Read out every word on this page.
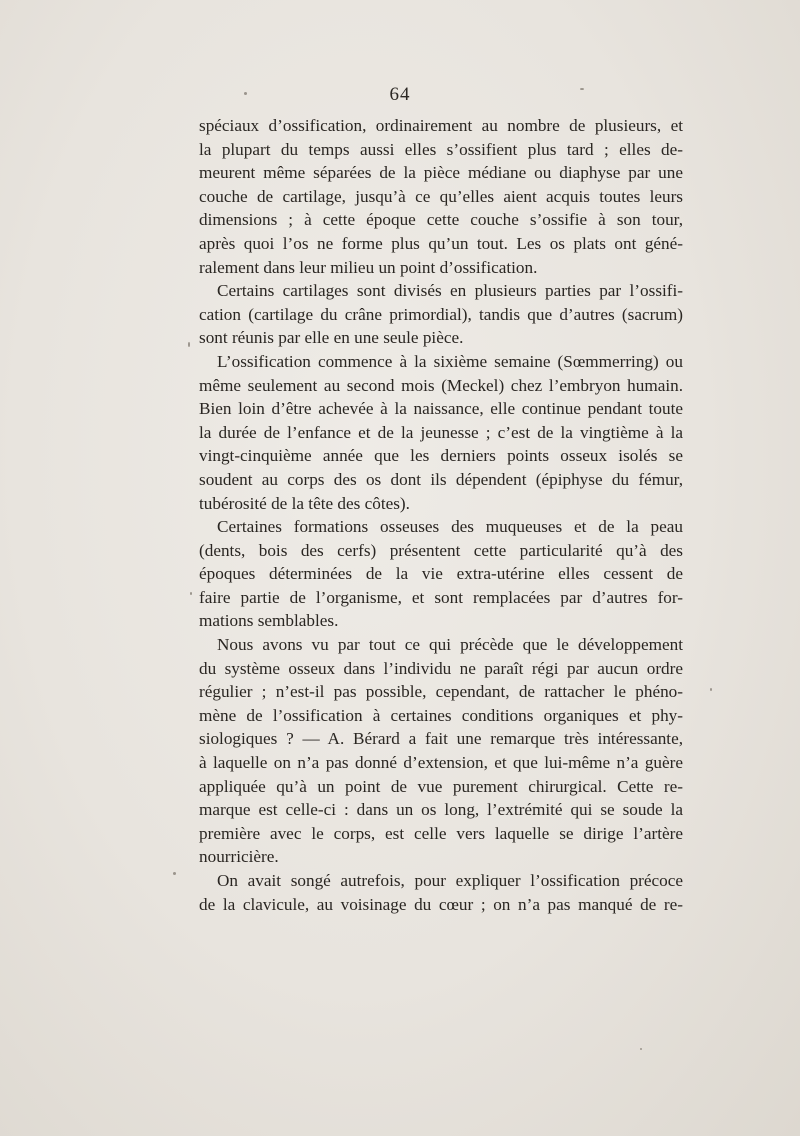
64
spéciaux d’ossification, ordinairement au nombre de plusieurs, et
la plupart du temps aussi elles s’ossifient plus tard ; elles de-
meurent même séparées de la pièce médiane ou diaphyse par une
couche de cartilage, jusqu’à ce qu’elles aient acquis toutes leurs
dimensions ; à cette époque cette couche s’ossifie à son tour,
après quoi l’os ne forme plus qu’un tout. Les os plats ont géné-
ralement dans leur milieu un point d’ossification.
Certains cartilages sont divisés en plusieurs parties par l’ossifi-
cation (cartilage du crâne primordial), tandis que d’autres (sacrum)
sont réunis par elle en une seule pièce.
L’ossification commence à la sixième semaine (Sœmmerring) ou
même seulement au second mois (Meckel) chez l’embryon humain.
Bien loin d’être achevée à la naissance, elle continue pendant toute
la durée de l’enfance et de la jeunesse ; c’est de la vingtième à la
vingt-cinquième année que les derniers points osseux isolés se
soudent au corps des os dont ils dépendent (épiphyse du fémur,
tubérosité de la tête des côtes).
Certaines formations osseuses des muqueuses et de la peau
(dents, bois des cerfs) présentent cette particularité qu’à des
époques déterminées de la vie extra-utérine elles cessent de
faire partie de l’organisme, et sont remplacées par d’autres for-
mations semblables.
Nous avons vu par tout ce qui précède que le développement
du système osseux dans l’individu ne paraît régi par aucun ordre
régulier ; n’est-il pas possible, cependant, de rattacher le phéno-
mène de l’ossification à certaines conditions organiques et phy-
siologiques ? — A. Bérard a fait une remarque très intéressante,
à laquelle on n’a pas donné d’extension, et que lui-même n’a guère
appliquée qu’à un point de vue purement chirurgical. Cette re-
marque est celle-ci : dans un os long, l’extrémité qui se soude la
première avec le corps, est celle vers laquelle se dirige l’artère
nourricière.
On avait songé autrefois, pour expliquer l’ossification précoce
de la clavicule, au voisinage du cœur ; on n’a pas manqué de re-
